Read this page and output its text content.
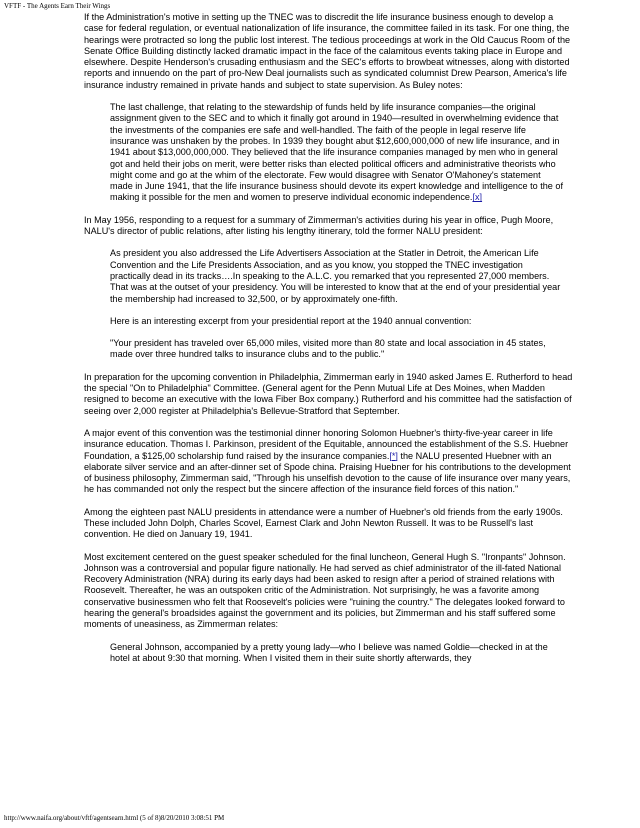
VFTF - The Agents Earn Their Wings

If the Administration's motive in setting up the TNEC was to discredit the life insurance business enough to develop a case for federal regulation, or eventual nationalization of life insurance, the committee failed in its task. For one thing, the hearings were protracted so long the public lost interest. The tedious proceedings at work in the Old Caucus Room of the Senate Office Building distinctly lacked dramatic impact in the face of the calamitous events taking place in Europe and elsewhere. Despite Henderson's crusading enthusiasm and the SEC's efforts to browbeat witnesses, along with distorted reports and innuendo on the part of pro-New Deal journalists such as syndicated columnist Drew Pearson, America's life insurance industry remained in private hands and subject to state supervision. As Buley notes:

The last challenge, that relating to the stewardship of funds held by life insurance companies—the original assignment given to the SEC and to which it finally got around in 1940—resulted in overwhelming evidence that the investments of the companies ere safe and well-handled. The faith of the people in legal reserve life insurance was unshaken by the probes. In 1939 they bought abut $12,600,000,000 of new life insurance, and in 1941 about $13,000,000,000. They believed that the life insurance companies managed by men who in general got and held their jobs on merit, were better risks than elected political officers and administrative theorists who might come and go at the whim of the electorate. Few would disagree with Senator O'Mahoney's statement made in June 1941, that the life insurance business should devote its expert knowledge and intelligence to the of making it possible for the men and women to preserve individual economic independence.[x]

In May 1956, responding to a request for a summary of Zimmerman's activities during his year in office, Pugh Moore, NALU's director of public relations, after listing his lengthy itinerary, told the former NALU president:

As president you also addressed the Life Advertisers Association at the Statler in Detroit, the American Life Convention and the Life Presidents Association, and as you know, you stopped the TNEC investigation practically dead in its tracks….In speaking to the A.L.C. you remarked that you represented 27,000 members. That was at the outset of your presidency. You will be interested to know that at the end of your presidential year the membership had increased to 32,500, or by approximately one-fifth.

Here is an interesting excerpt from your presidential report at the 1940 annual convention:

"Your president has traveled over 65,000 miles, visited more than 80 state and local association in 45 states, made over three hundred talks to insurance clubs and to the public."

In preparation for the upcoming convention in Philadelphia, Zimmerman early in 1940 asked James E. Rutherford to head the special "On to Philadelphia" Committee. (General agent for the Penn Mutual Life at Des Moines, when Madden resigned to become an executive with the Iowa Fiber Box company.) Rutherford and his committee had the satisfaction of seeing over 2,000 register at Philadelphia's Bellevue-Stratford that September.

A major event of this convention was the testimonial dinner honoring Solomon Huebner's thirty-five-year career in life insurance education. Thomas I. Parkinson, president of the Equitable, announced the establishment of the S.S. Huebner Foundation, a $125,00 scholarship fund raised by the insurance companies.[*] the NALU presented Huebner with an elaborate silver service and an after-dinner set of Spode china. Praising Huebner for his contributions to the development of business philosophy, Zimmerman said, "Through his unselfish devotion to the cause of life insurance over many years, he has commanded not only the respect but the sincere affection of the insurance field forces of this nation."

Among the eighteen past NALU presidents in attendance were a number of Huebner's old friends from the early 1900s. These included John Dolph, Charles Scovel, Earnest Clark and John Newton Russell. It was to be Russell's last convention. He died on January 19, 1941.

Most excitement centered on the guest speaker scheduled for the final luncheon, General Hugh S. "Ironpants" Johnson. Johnson was a controversial and popular figure nationally. He had served as chief administrator of the ill-fated National Recovery Administration (NRA) during its early days had been asked to resign after a period of strained relations with Roosevelt. Thereafter, he was an outspoken critic of the Administration. Not surprisingly, he was a favorite among conservative businessmen who felt that Roosevelt's policies were "ruining the country." The delegates looked forward to hearing the general's broadsides against the government and its policies, but Zimmerman and his staff suffered some moments of uneasiness, as Zimmerman relates:

General Johnson, accompanied by a pretty young lady—who I believe was named Goldie—checked in at the hotel at about 9:30 that morning. When I visited them in their suite shortly afterwards, they

http://www.naifa.org/about/vftf/agentsearn.html (5 of 8)8/20/2010 3:08:51 PM
